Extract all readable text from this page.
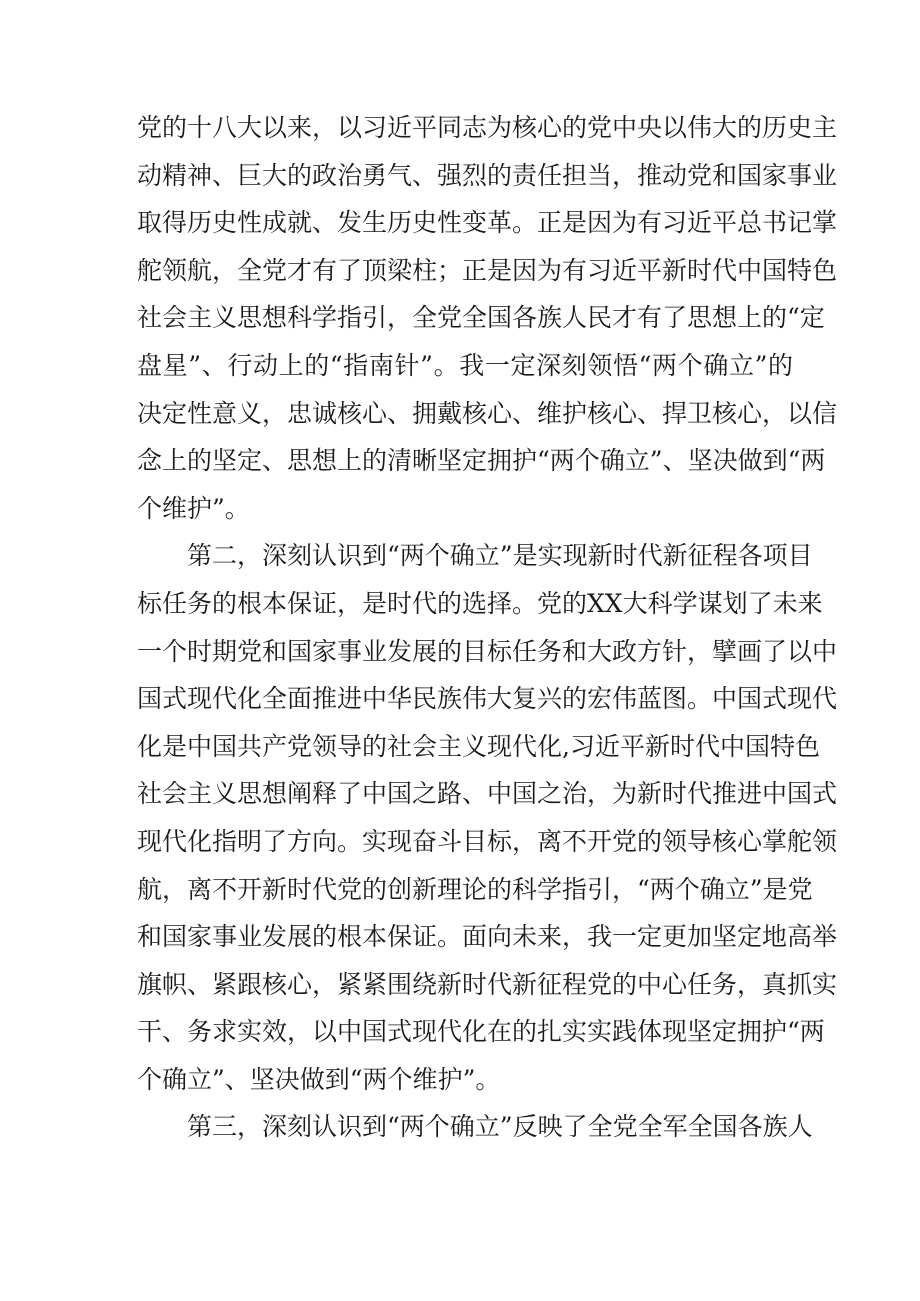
党的十八大以来，以习近平同志为核心的党中央以伟大的历史主
动精神、巨大的政治勇气、强烈的责任担当，推动党和国家事业
取得历史性成就、发生历史性变革。正是因为有习近平总书记掌
舵领航，全党才有了顶梁柱；正是因为有习近平新时代中国特色
社会主义思想科学指引，全党全国各族人民才有了思想上的“定
盘星”、行动上的“指南针”。我一定深刻领悟“两个确立”的
决定性意义，忠诚核心、拥戴核心、维护核心、捍卫核心，以信
念上的坚定、思想上的清晰坚定拥护“两个确立”、坚决做到“两
个维护”。
　　第二，深刻认识到“两个确立”是实现新时代新征程各项目
标任务的根本保证，是时代的选择。党的XX大科学谋划了未来
一个时期党和国家事业发展的目标任务和大政方针，擘画了以中
国式现代化全面推进中华民族伟大复兴的宏伟蓝图。中国式现代
化是中国共产党领导的社会主义现代化,习近平新时代中国特色
社会主义思想阐释了中国之路、中国之治，为新时代推进中国式
现代化指明了方向。实现奋斗目标，离不开党的领导核心掌舵领
航，离不开新时代党的创新理论的科学指引，“两个确立”是党
和国家事业发展的根本保证。面向未来，我一定更加坚定地高举
旗帜、紧跟核心，紧紧围绕新时代新征程党的中心任务，真抓实
干、务求实效，以中国式现代化在的扎实实践体现坚定拥护“两
个确立”、坚决做到“两个维护”。
　　第三，深刻认识到“两个确立”反映了全党全军全国各族人
